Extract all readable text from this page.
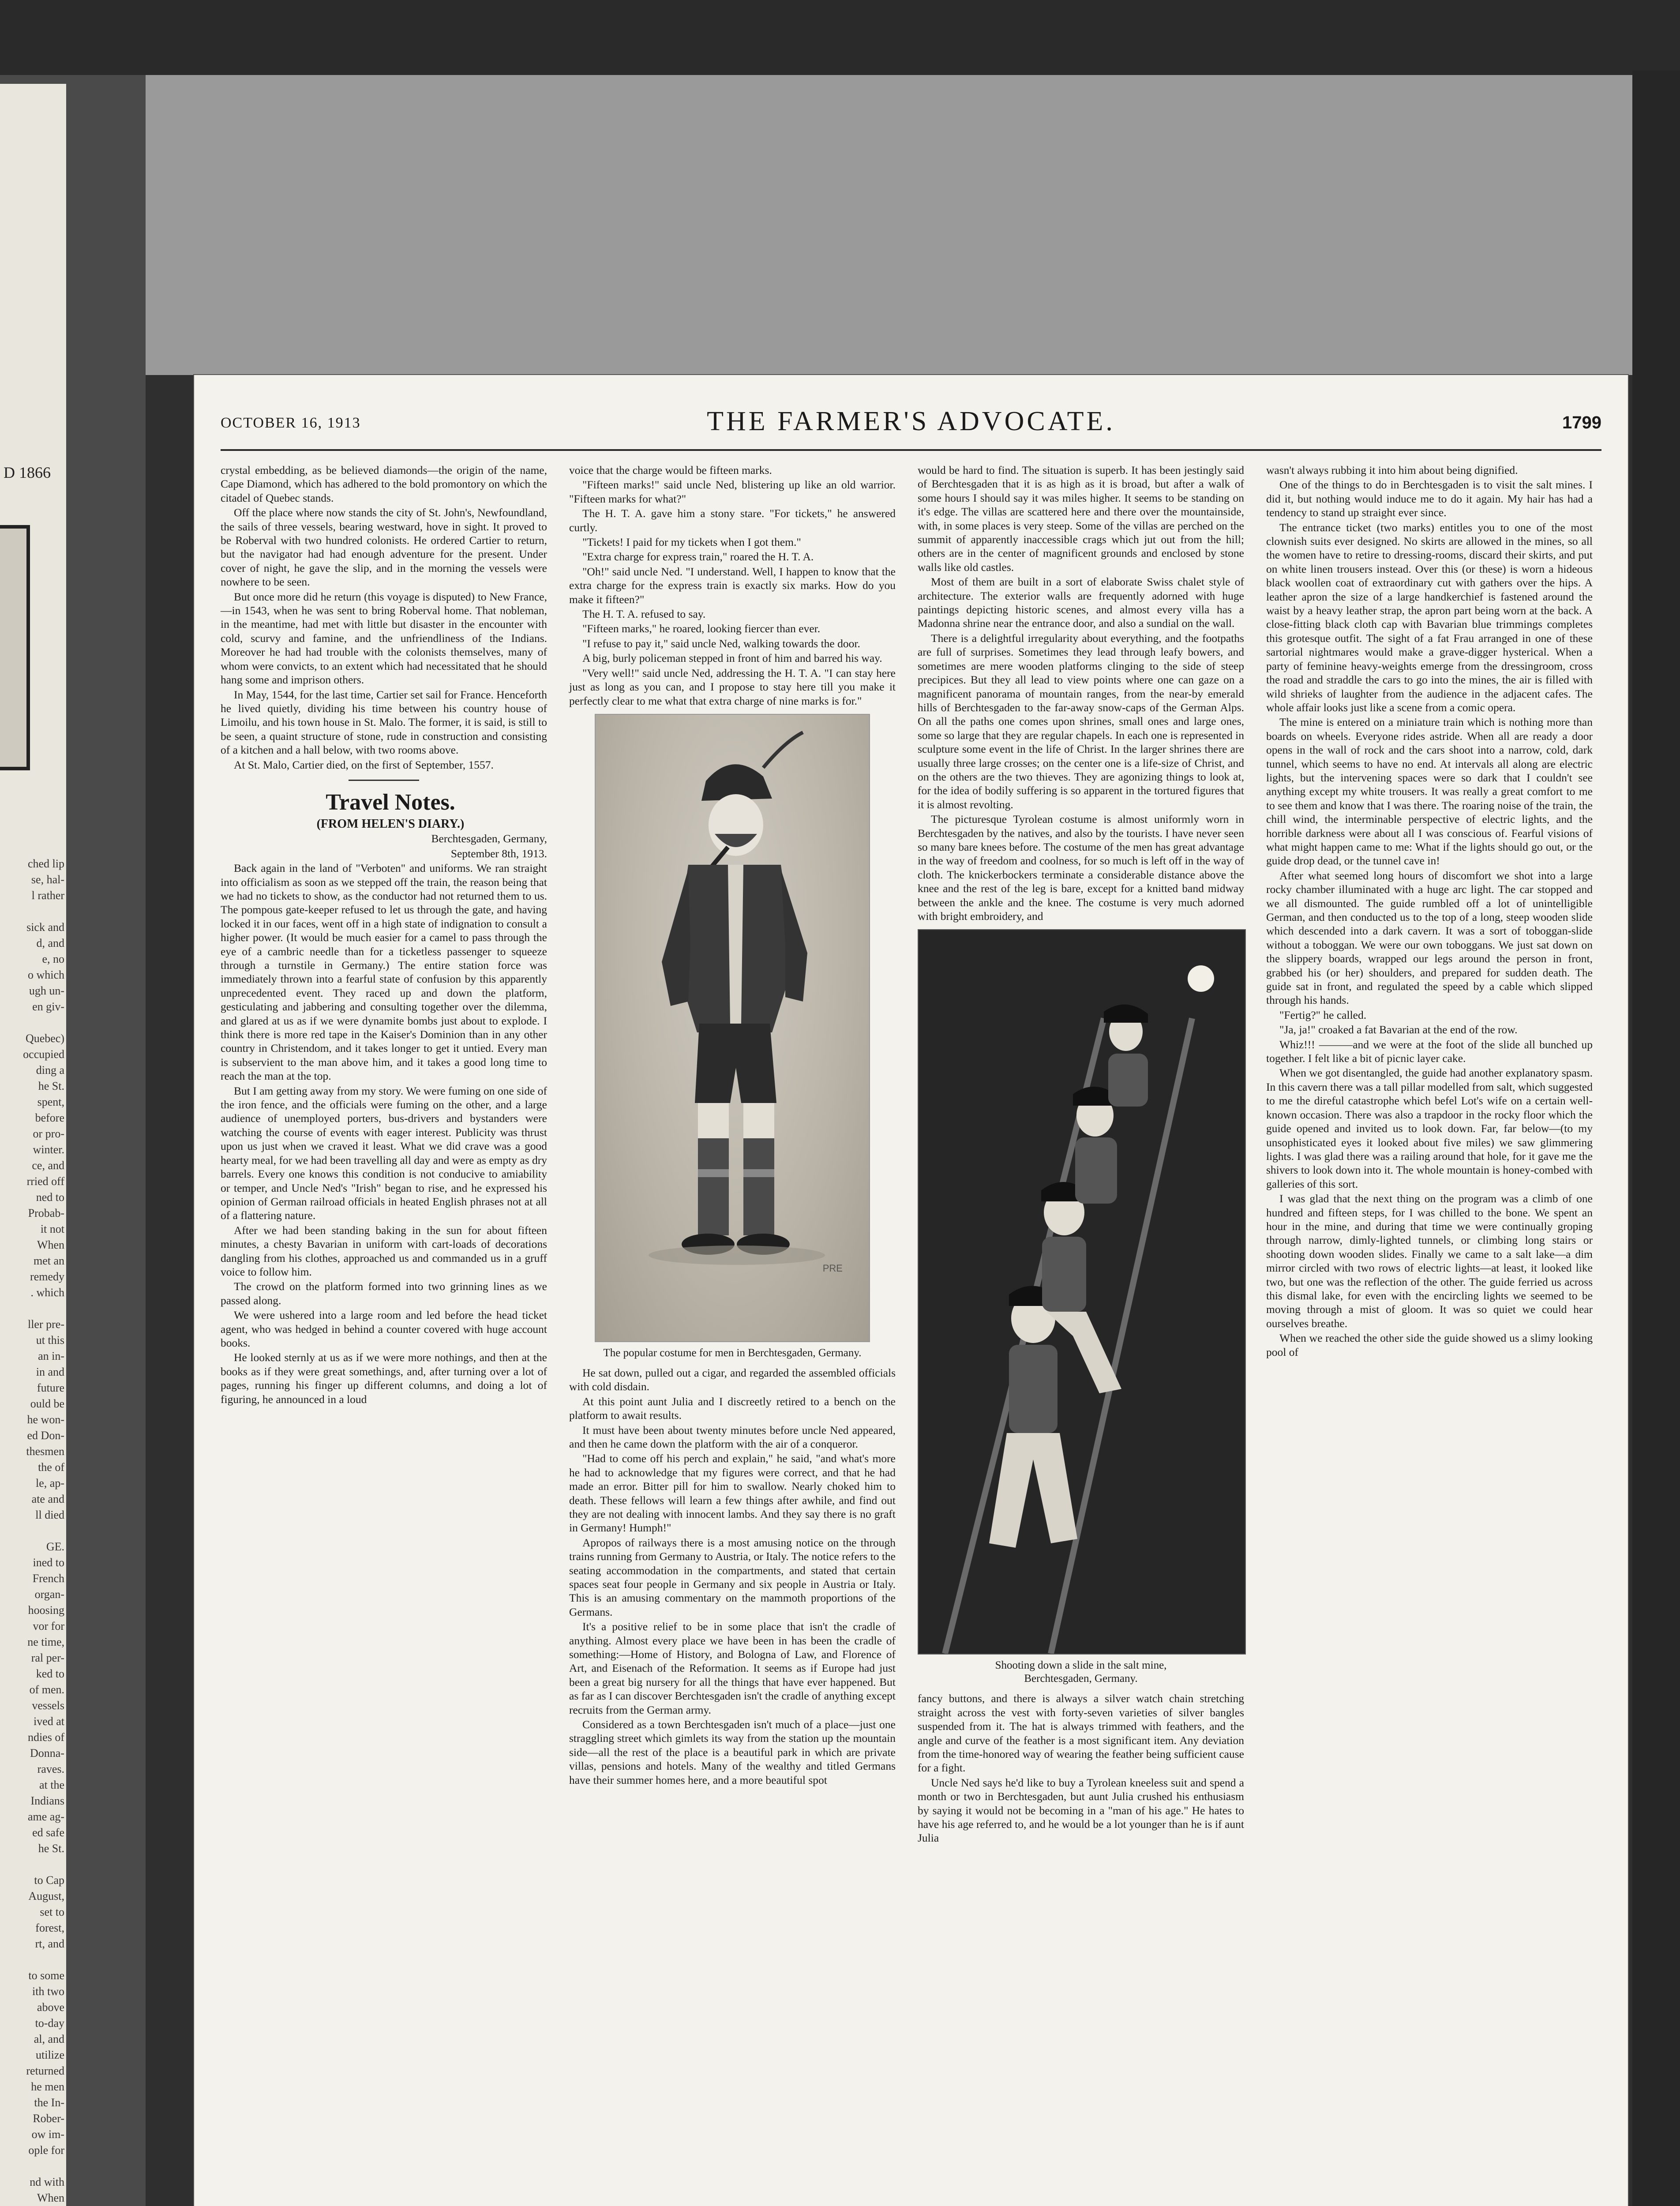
D 1866
ched lip
se, hal-
l rather

sick and
d, and
e, no
o which
ugh un-
en giv-

Quebec)
occupied
ding a
he St.
spent,
before
or pro-
winter.
ce, and
rried off
ned to
Probab-
it not
When
met an
remedy
. which

ller pre-
ut this
an in-
in and
future
ould be
he won-
ed Don-
thesmen
the of
le, ap-
ate and
ll died

GE.
ined to
French
organ-
hoosing
vor for
ne time,
ral per-
ked to
of men.
vessels
ived at
ndies of
Donna-
raves.
at the
Indians
ame ag-
ed safe
he St.

to Cap
August,
set to
forest,
rt, and

to some
ith two
above
to-day
al, and
utilize
returned
he men
the In-
Rober-
ow im-
ople for

nd with
When

OCTOBER 16, 1913	THE FARMER'S ADVOCATE.	1799

crystal embedding, as be believed diamonds—the origin of the name, Cape Diamond, which has adhered to the bold promontory on which the citadel of Quebec stands.

Off the place where now stands the city of St. John's, Newfoundland, the sails of three vessels, bearing westward, hove in sight. It proved to be Roberval with two hundred colonists. He ordered Cartier to return, but the navigator had had enough adventure for the present. Under cover of night, he gave the slip, and in the morning the vessels were nowhere to be seen.

But once more did he return (this voyage is disputed) to New France,—in 1543, when he was sent to bring Roberval home. That nobleman, in the meantime, had met with little but disaster in the encounter with cold, scurvy and famine, and the unfriendliness of the Indians. Moreover he had had trouble with the colonists themselves, many of whom were convicts, to an extent which had necessitated that he should hang some and imprison others.

In May, 1544, for the last time, Cartier set sail for France. Henceforth he lived quietly, dividing his time between his country house of Limoilu, and his town house in St. Malo. The former, it is said, is still to be seen, a quaint structure of stone, rude in construction and consisting of a kitchen and a hall below, with two rooms above.

At St. Malo, Cartier died, on the first of September, 1557.

Travel Notes.

(FROM HELEN'S DIARY.)

Berchtesgaden, Germany,

September 8th, 1913.

Back again in the land of "Verboten" and uniforms. We ran straight into officialism as soon as we stepped off the train, the reason being that we had no tickets to show, as the conductor had not returned them to us. The pompous gate-keeper refused to let us through the gate, and having locked it in our faces, went off in a high state of indignation to consult a higher power. (It would be much easier for a camel to pass through the eye of a cambric needle than for a ticketless passenger to squeeze through a turnstile in Germany.) The entire station force was immediately thrown into a fearful state of confusion by this apparently unprecedented event. They raced up and down the platform, gesticulating and jabbering and consulting together over the dilemma, and glared at us as if we were dynamite bombs just about to explode. I think there is more red tape in the Kaiser's Dominion than in any other country in Christendom, and it takes longer to get it untied. Every man is subservient to the man above him, and it takes a good long time to reach the man at the top.

But I am getting away from my story. We were fuming on one side of the iron fence, and the officials were fuming on the other, and a large audience of unemployed porters, bus-drivers and bystanders were watching the course of events with eager interest. Publicity was thrust upon us just when we craved it least. What we did crave was a good hearty meal, for we had been travelling all day and were as empty as dry barrels. Every one knows this condition is not conducive to amiability or temper, and Uncle Ned's "Irish" began to rise, and he expressed his opinion of German railroad officials in heated English phrases not at all of a flattering nature.

After we had been standing baking in the sun for about fifteen minutes, a chesty Bavarian in uniform with cart-loads of decorations dangling from his clothes, approached us and commanded us in a gruff voice to follow him.

The crowd on the platform formed into two grinning lines as we passed along.

We were ushered into a large room and led before the head ticket agent, who was hedged in behind a counter covered with huge account books.

He looked sternly at us as if we were more nothings, and then at the books as if they were great somethings, and, after turning over a lot of pages, running his finger up different columns, and doing a lot of figuring, he announced in a loud

voice that the charge would be fifteen marks.

"Fifteen marks!" said uncle Ned, blistering up like an old warrior. "Fifteen marks for what?"

The H. T. A. gave him a stony stare. "For tickets," he answered curtly.

"Tickets! I paid for my tickets when I got them."

"Extra charge for express train," roared the H. T. A.

"Oh!" said uncle Ned. "I understand. Well, I happen to know that the extra charge for the express train is exactly six marks. How do you make it fifteen?"

The H. T. A. refused to say.

"Fifteen marks," he roared, looking fiercer than ever.

"I refuse to pay it," said uncle Ned, walking towards the door.

A big, burly policeman stepped in front of him and barred his way.

"Very well!" said uncle Ned, addressing the H. T. A. "I can stay here just as long as you can, and I propose to stay here till you make it perfectly clear to me what that extra charge of nine marks is for."

PRE

The popular costume for men in Berchtesgaden, Germany.

He sat down, pulled out a cigar, and regarded the assembled officials with cold disdain.

At this point aunt Julia and I discreetly retired to a bench on the platform to await results.

It must have been about twenty minutes before uncle Ned appeared, and then he came down the platform with the air of a conqueror.

"Had to come off his perch and explain," he said, "and what's more he had to acknowledge that my figures were correct, and that he had made an error. Bitter pill for him to swallow. Nearly choked him to death. These fellows will learn a few things after awhile, and find out they are not dealing with innocent lambs. And they say there is no graft in Germany! Humph!"

Apropos of railways there is a most amusing notice on the through trains running from Germany to Austria, or Italy. The notice refers to the seating accommodation in the compartments, and stated that certain spaces seat four people in Germany and six people in Austria or Italy. This is an amusing commentary on the mammoth proportions of the Germans.

It's a positive relief to be in some place that isn't the cradle of anything. Almost every place we have been in has been the cradle of something:—Home of History, and Bologna of Law, and Florence of Art, and Eisenach of the Reformation. It seems as if Europe had just been a great big nursery for all the things that have ever happened. But as far as I can discover Berchtesgaden isn't the cradle of anything except recruits from the German army.

Considered as a town Berchtesgaden isn't much of a place—just one straggling street which gimlets its way from the station up the mountain side—all the rest of the place is a beautiful park in which are private villas, pensions and hotels. Many of the wealthy and titled Germans have their summer homes here, and a more beautiful spot

would be hard to find. The situation is superb. It has been jestingly said of Berchtesgaden that it is as high as it is broad, but after a walk of some hours I should say it was miles higher. It seems to be standing on it's edge. The villas are scattered here and there over the mountainside, with, in some places is very steep. Some of the villas are perched on the summit of apparently inaccessible crags which jut out from the hill; others are in the center of magnificent grounds and enclosed by stone walls like old castles.

Most of them are built in a sort of elaborate Swiss chalet style of architecture. The exterior walls are frequently adorned with huge paintings depicting historic scenes, and almost every villa has a Madonna shrine near the entrance door, and also a sundial on the wall.

There is a delightful irregularity about everything, and the footpaths are full of surprises. Sometimes they lead through leafy bowers, and sometimes are mere wooden platforms clinging to the side of steep precipices. But they all lead to view points where one can gaze on a magnificent panorama of mountain ranges, from the near-by emerald hills of Berchtesgaden to the far-away snow-caps of the German Alps. On all the paths one comes upon shrines, small ones and large ones, some so large that they are regular chapels. In each one is represented in sculpture some event in the life of Christ. In the larger shrines there are usually three large crosses; on the center one is a life-size of Christ, and on the others are the two thieves. They are agonizing things to look at, for the idea of bodily suffering is so apparent in the tortured figures that it is almost revolting.

The picturesque Tyrolean costume is almost uniformly worn in Berchtesgaden by the natives, and also by the tourists. I have never seen so many bare knees before. The costume of the men has great advantage in the way of freedom and coolness, for so much is left off in the way of cloth. The knickerbockers terminate a considerable distance above the knee and the rest of the leg is bare, except for a knitted band midway between the ankle and the knee. The costume is very much adorned with bright embroidery, and

Shooting down a slide in the salt mine,

Berchtesgaden, Germany.

fancy buttons, and there is always a silver watch chain stretching straight across the vest with forty-seven varieties of silver bangles suspended from it. The hat is always trimmed with feathers, and the angle and curve of the feather is a most significant item. Any deviation from the time-honored way of wearing the feather being sufficient cause for a fight.

Uncle Ned says he'd like to buy a Tyrolean kneeless suit and spend a month or two in Berchtesgaden, but aunt Julia crushed his enthusiasm by saying it would not be becoming in a "man of his age." He hates to have his age referred to, and he would be a lot younger than he is if aunt Julia

wasn't always rubbing it into him about being dignified.

One of the things to do in Berchtesgaden is to visit the salt mines. I did it, but nothing would induce me to do it again. My hair has had a tendency to stand up straight ever since.

The entrance ticket (two marks) entitles you to one of the most clownish suits ever designed. No skirts are allowed in the mines, so all the women have to retire to dressing-rooms, discard their skirts, and put on white linen trousers instead. Over this (or these) is worn a hideous black woollen coat of extraordinary cut with gathers over the hips. A leather apron the size of a large handkerchief is fastened around the waist by a heavy leather strap, the apron part being worn at the back. A close-fitting black cloth cap with Bavarian blue trimmings completes this grotesque outfit. The sight of a fat Frau arranged in one of these sartorial nightmares would make a grave-digger hysterical. When a party of feminine heavy-weights emerge from the dressingroom, cross the road and straddle the cars to go into the mines, the air is filled with wild shrieks of laughter from the audience in the adjacent cafes. The whole affair looks just like a scene from a comic opera.

The mine is entered on a miniature train which is nothing more than boards on wheels. Everyone rides astride. When all are ready a door opens in the wall of rock and the cars shoot into a narrow, cold, dark tunnel, which seems to have no end. At intervals all along are electric lights, but the intervening spaces were so dark that I couldn't see anything except my white trousers. It was really a great comfort to me to see them and know that I was there. The roaring noise of the train, the chill wind, the interminable perspective of electric lights, and the horrible darkness were about all I was conscious of. Fearful visions of what might happen came to me: What if the lights should go out, or the guide drop dead, or the tunnel cave in!

After what seemed long hours of discomfort we shot into a large rocky chamber illuminated with a huge arc light. The car stopped and we all dismounted. The guide rumbled off a lot of unintelligible German, and then conducted us to the top of a long, steep wooden slide which descended into a dark cavern. It was a sort of toboggan-slide without a toboggan. We were our own toboggans. We just sat down on the slippery boards, wrapped our legs around the person in front, grabbed his (or her) shoulders, and prepared for sudden death. The guide sat in front, and regulated the speed by a cable which slipped through his hands.

"Fertig?" he called.

"Ja, ja!" croaked a fat Bavarian at the end of the row.

Whiz!!! ———and we were at the foot of the slide all bunched up together. I felt like a bit of picnic layer cake.

When we got disentangled, the guide had another explanatory spasm. In this cavern there was a tall pillar modelled from salt, which suggested to me the direful catastrophe which befel Lot's wife on a certain well-known occasion. There was also a trapdoor in the rocky floor which the guide opened and invited us to look down. Far, far below—(to my unsophisticated eyes it looked about five miles) we saw glimmering lights. I was glad there was a railing around that hole, for it gave me the shivers to look down into it. The whole mountain is honey-combed with galleries of this sort.

I was glad that the next thing on the program was a climb of one hundred and fifteen steps, for I was chilled to the bone. We spent an hour in the mine, and during that time we were continually groping through narrow, dimly-lighted tunnels, or climbing long stairs or shooting down wooden slides. Finally we came to a salt lake—a dim mirror circled with two rows of electric lights—at least, it looked like two, but one was the reflection of the other. The guide ferried us across this dismal lake, for even with the encircling lights we seemed to be moving through a mist of gloom. It was so quiet we could hear ourselves breathe.

When we reached the other side the guide showed us a slimy looking pool of
